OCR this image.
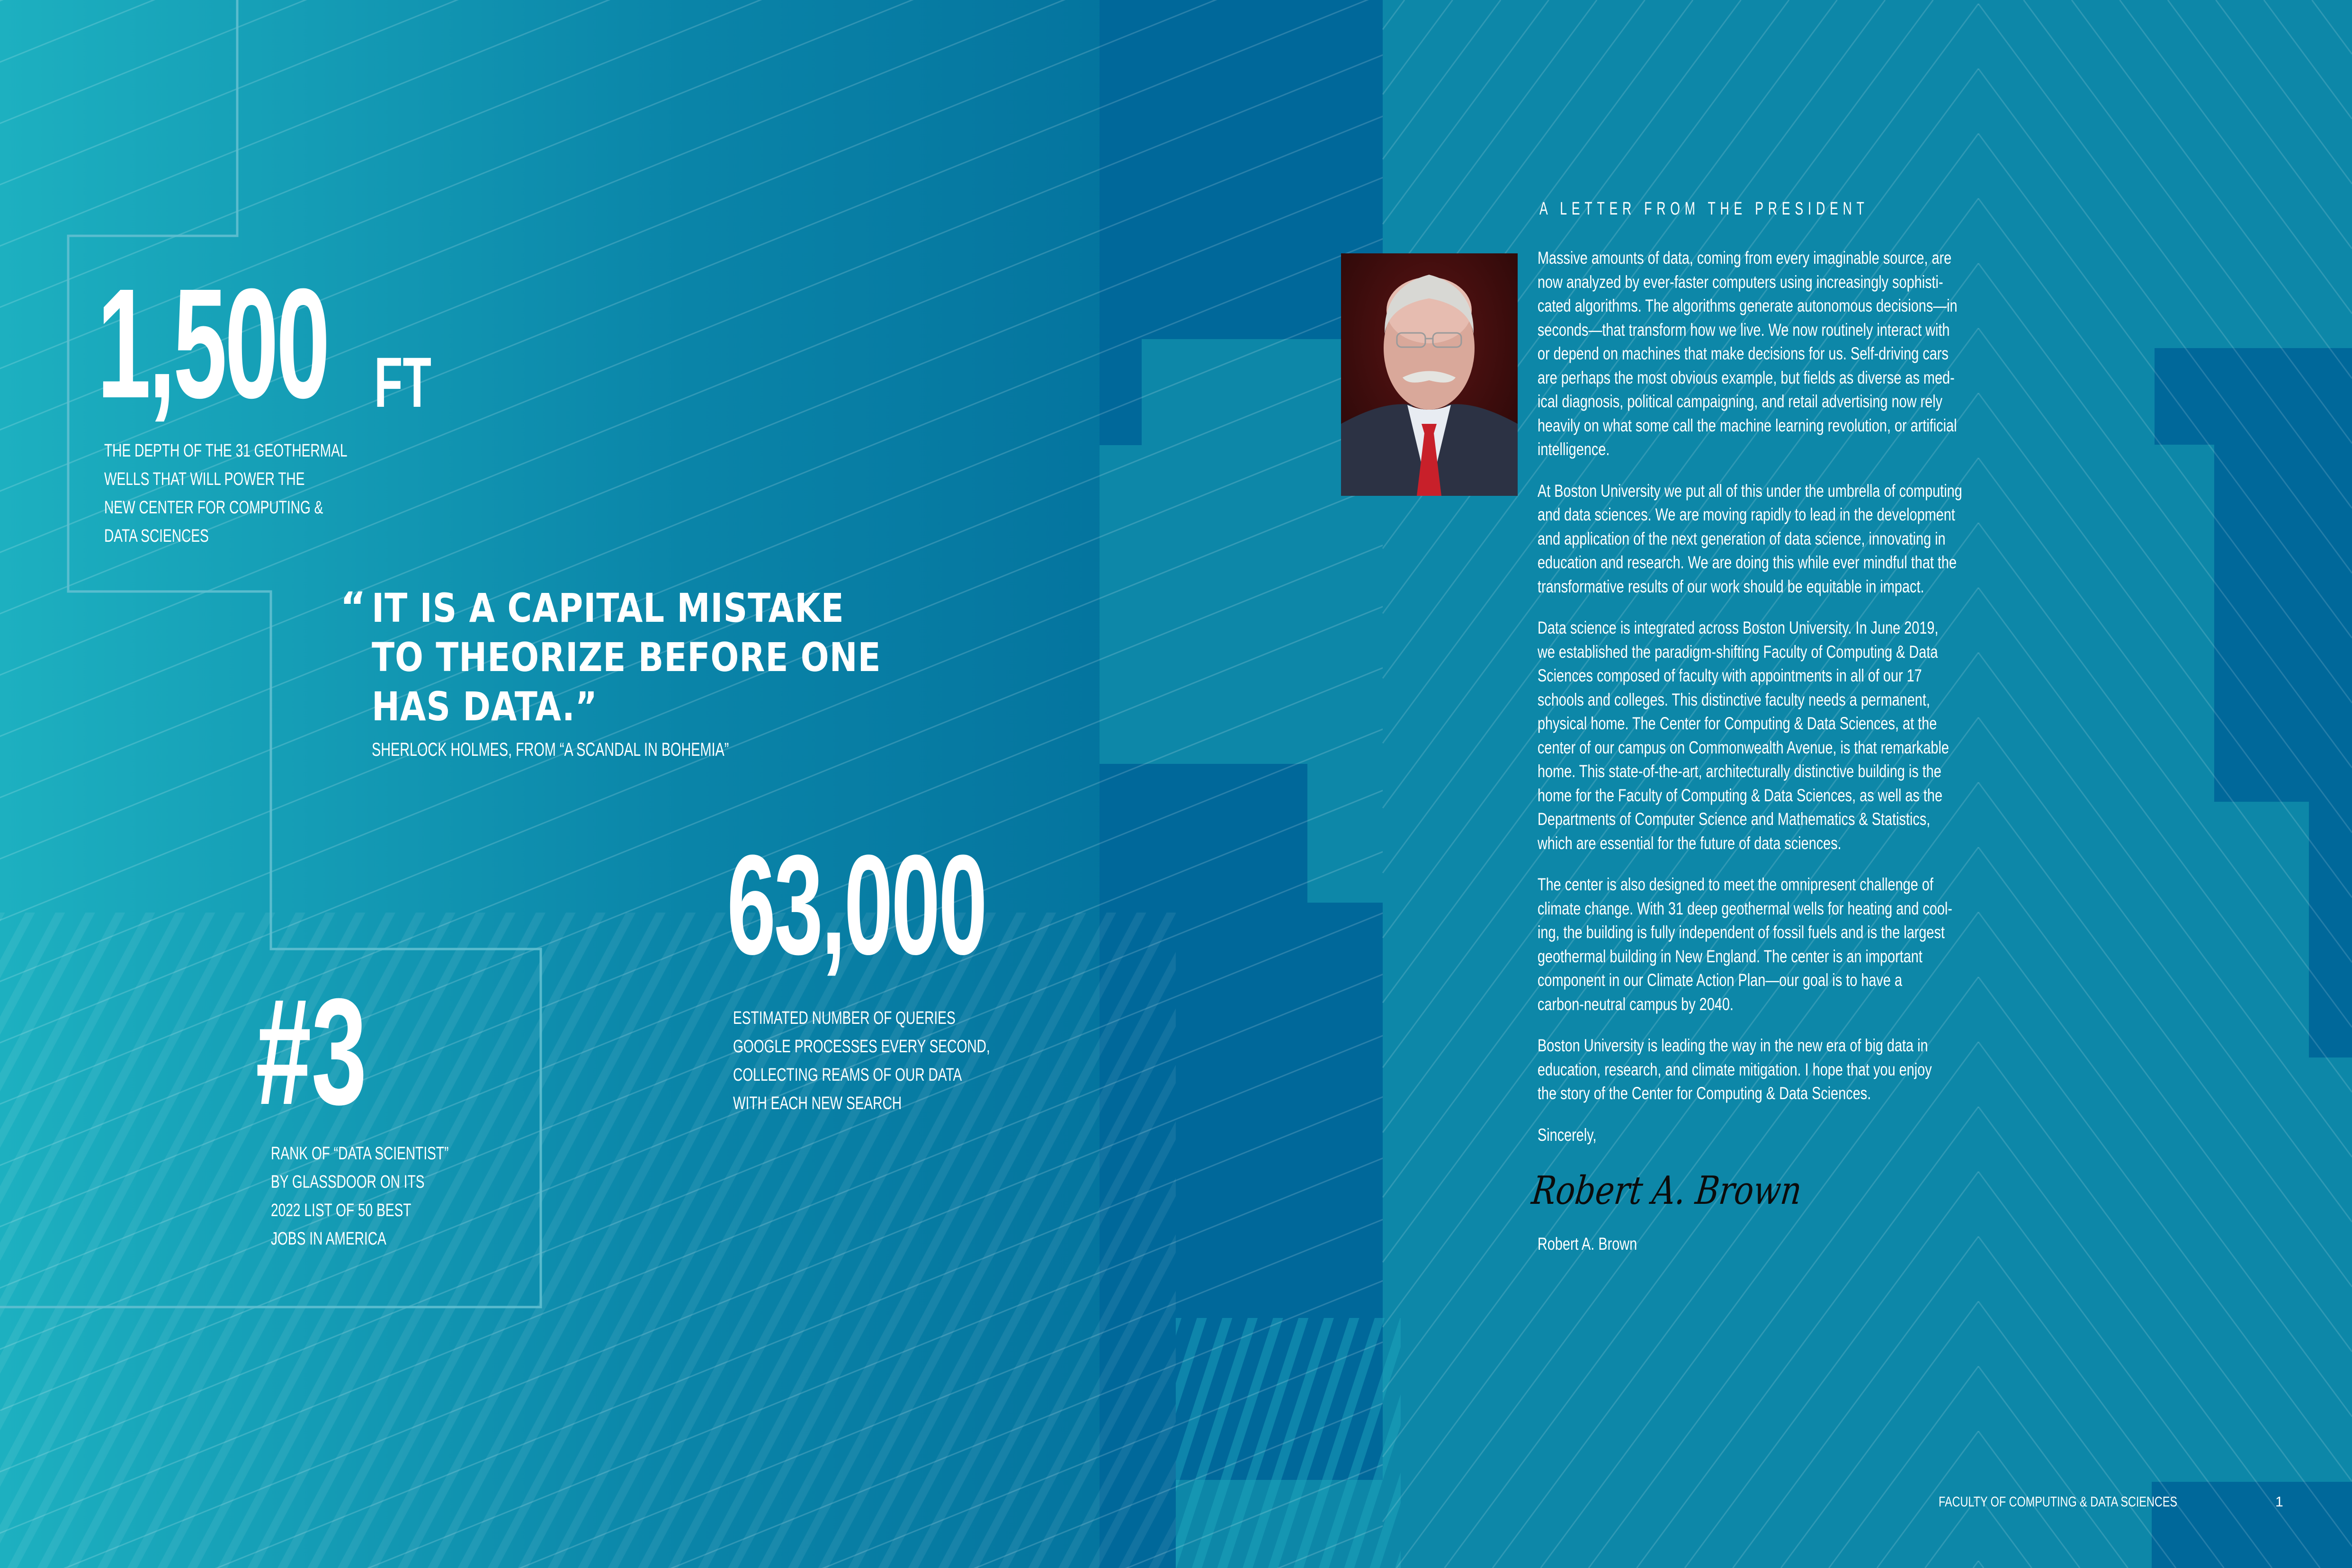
1,500 FT
THE DEPTH OF THE 31 GEOTHERMAL
WELLS THAT WILL POWER THE
NEW CENTER FOR COMPUTING &
DATA SCIENCES
“ IT IS A CAPITAL MISTAKE
TO THEORIZE BEFORE ONE
HAS DATA.”
SHERLOCK HOLMES, FROM “A SCANDAL IN BOHEMIA”
63,000
ESTIMATED NUMBER OF QUERIES
GOOGLE PROCESSES EVERY SECOND,
COLLECTING REAMS OF OUR DATA
WITH EACH NEW SEARCH
#3
RANK OF “DATA SCIENTIST”
BY GLASSDOOR ON ITS
2022 LIST OF 50 BEST
JOBS IN AMERICA
A LETTER FROM THE PRESIDENT
Massive amounts of data, coming from every imaginable source, are
now analyzed by ever-faster computers using increasingly sophisti-
cated algorithms. The algorithms generate autonomous decisions—in
seconds—that transform how we live. We now routinely interact with
or depend on machines that make decisions for us. Self-driving cars
are perhaps the most obvious example, but fields as diverse as med-
ical diagnosis, political campaigning, and retail advertising now rely
heavily on what some call the machine learning revolution, or artificial
intelligence.
At Boston University we put all of this under the umbrella of computing
and data sciences. We are moving rapidly to lead in the development
and application of the next generation of data science, innovating in
education and research. We are doing this while ever mindful that the
transformative results of our work should be equitable in impact.
Data science is integrated across Boston University. In June 2019,
we established the paradigm-shifting Faculty of Computing & Data
Sciences composed of faculty with appointments in all of our 17
schools and colleges. This distinctive faculty needs a permanent,
physical home. The Center for Computing & Data Sciences, at the
center of our campus on Commonwealth Avenue, is that remarkable
home. This state-of-the-art, architecturally distinctive building is the
home for the Faculty of Computing & Data Sciences, as well as the
Departments of Computer Science and Mathematics & Statistics,
which are essential for the future of data sciences.
The center is also designed to meet the omnipresent challenge of
climate change. With 31 deep geothermal wells for heating and cool-
ing, the building is fully independent of fossil fuels and is the largest
geothermal building in New England. The center is an important
component in our Climate Action Plan—our goal is to have a
carbon-neutral campus by 2040.
Boston University is leading the way in the new era of big data in
education, research, and climate mitigation. I hope that you enjoy
the story of the Center for Computing & Data Sciences.
Sincerely,
Robert A. Brown
Robert A. Brown
FACULTY OF COMPUTING & DATA SCIENCES	1
